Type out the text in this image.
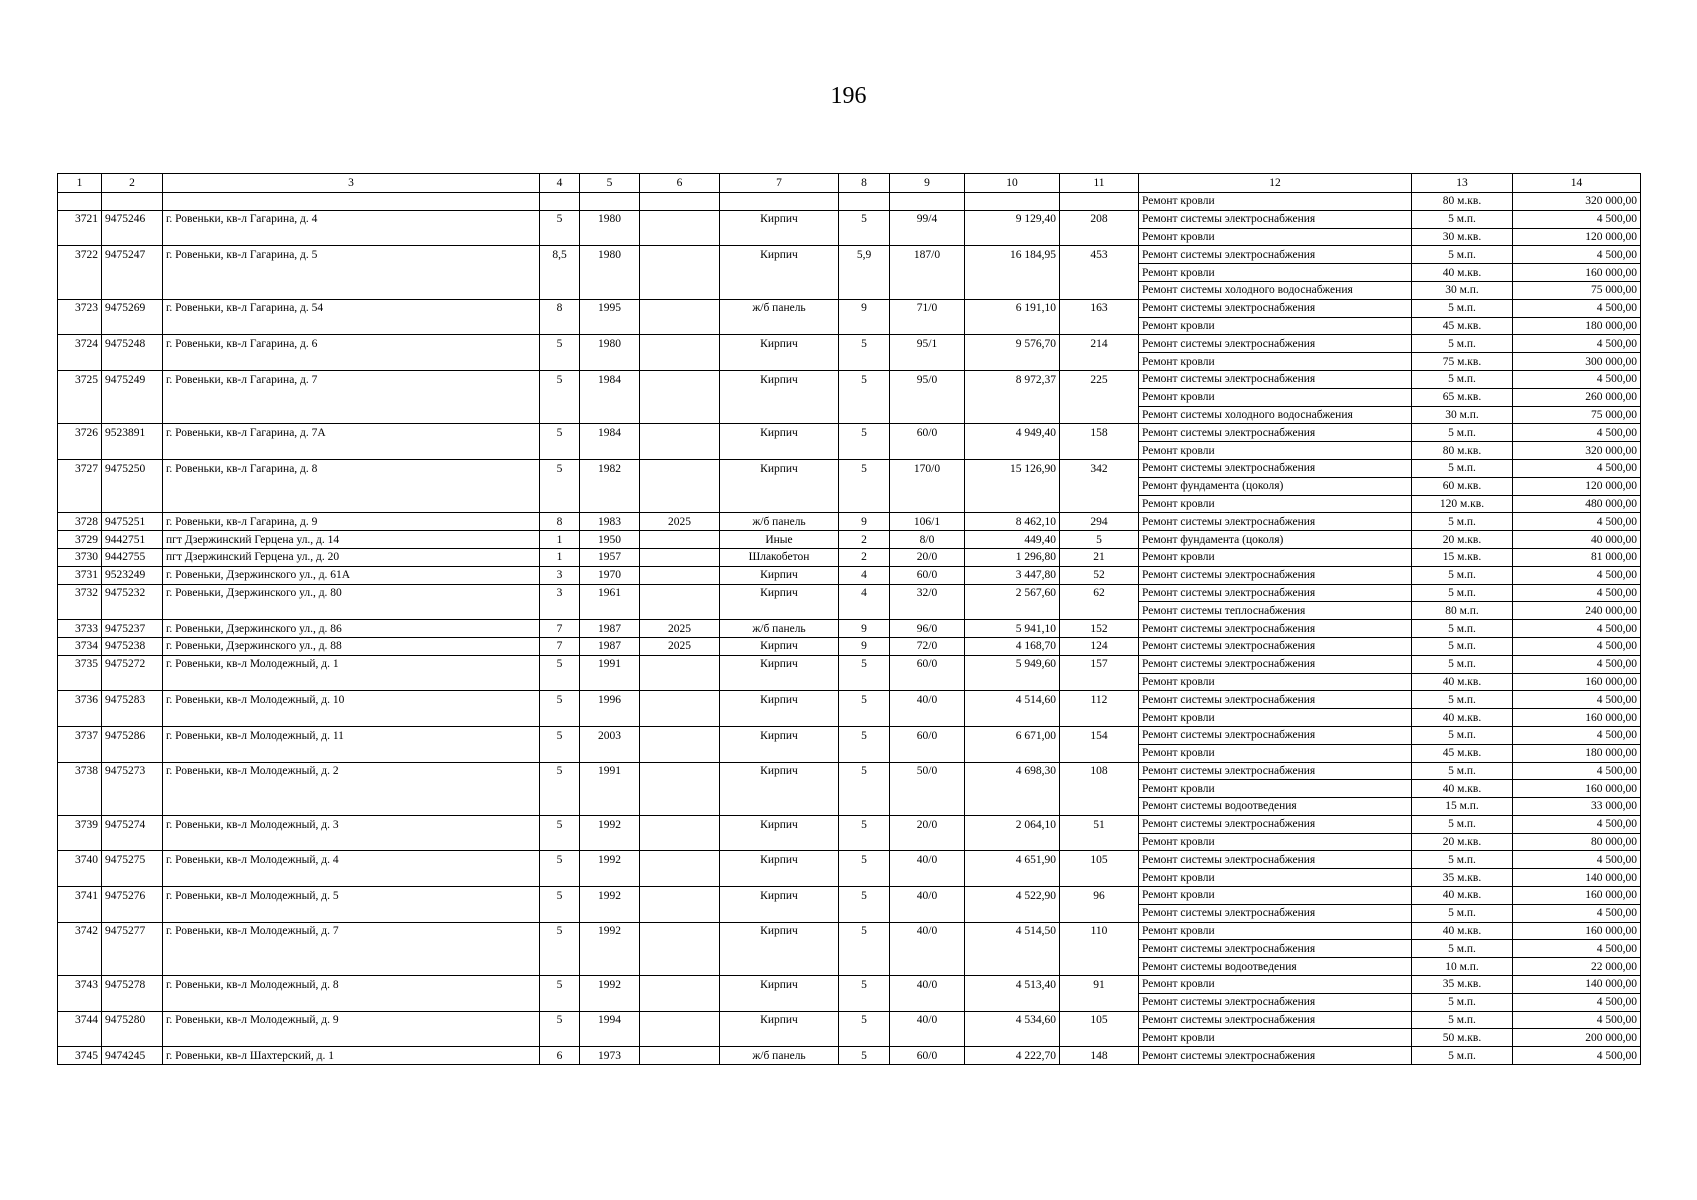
196
1	2	3	4	5	6	7	8	9	10	11	12	13	14
											Ремонт кровли	80 м.кв.	320 000,00
3721	9475246	г. Ровеньки, кв-л Гагарина, д. 4	5	1980		Кирпич	5	99/4	9 129,40	208	Ремонт системы электроснабжения	5 м.п.	4 500,00
											Ремонт кровли	30 м.кв.	120 000,00
3722	9475247	г. Ровеньки, кв-л Гагарина, д. 5	8,5	1980		Кирпич	5,9	187/0	16 184,95	453	Ремонт системы электроснабжения	5 м.п.	4 500,00
											Ремонт кровли	40 м.кв.	160 000,00
											Ремонт системы холодного водоснабжения	30 м.п.	75 000,00
3723	9475269	г. Ровеньки, кв-л Гагарина, д. 54	8	1995		ж/б панель	9	71/0	6 191,10	163	Ремонт системы электроснабжения	5 м.п.	4 500,00
											Ремонт кровли	45 м.кв.	180 000,00
3724	9475248	г. Ровеньки, кв-л Гагарина, д. 6	5	1980		Кирпич	5	95/1	9 576,70	214	Ремонт системы электроснабжения	5 м.п.	4 500,00
											Ремонт кровли	75 м.кв.	300 000,00
3725	9475249	г. Ровеньки, кв-л Гагарина, д. 7	5	1984		Кирпич	5	95/0	8 972,37	225	Ремонт системы электроснабжения	5 м.п.	4 500,00
											Ремонт кровли	65 м.кв.	260 000,00
											Ремонт системы холодного водоснабжения	30 м.п.	75 000,00
3726	9523891	г. Ровеньки, кв-л Гагарина, д. 7А	5	1984		Кирпич	5	60/0	4 949,40	158	Ремонт системы электроснабжения	5 м.п.	4 500,00
											Ремонт кровли	80 м.кв.	320 000,00
3727	9475250	г. Ровеньки, кв-л Гагарина, д. 8	5	1982		Кирпич	5	170/0	15 126,90	342	Ремонт системы электроснабжения	5 м.п.	4 500,00
											Ремонт фундамента (цоколя)	60 м.кв.	120 000,00
											Ремонт кровли	120 м.кв.	480 000,00
3728	9475251	г. Ровеньки, кв-л Гагарина, д. 9	8	1983	2025	ж/б панель	9	106/1	8 462,10	294	Ремонт системы электроснабжения	5 м.п.	4 500,00
3729	9442751	пгт Дзержинский Герцена ул., д. 14	1	1950		Иные	2	8/0	449,40	5	Ремонт фундамента (цоколя)	20 м.кв.	40 000,00
3730	9442755	пгт Дзержинский Герцена ул., д. 20	1	1957		Шлакобетон	2	20/0	1 296,80	21	Ремонт кровли	15 м.кв.	81 000,00
3731	9523249	г. Ровеньки, Дзержинского ул., д. 61А	3	1970		Кирпич	4	60/0	3 447,80	52	Ремонт системы электроснабжения	5 м.п.	4 500,00
3732	9475232	г. Ровеньки, Дзержинского ул., д. 80	3	1961		Кирпич	4	32/0	2 567,60	62	Ремонт системы электроснабжения	5 м.п.	4 500,00
											Ремонт системы теплоснабжения	80 м.п.	240 000,00
3733	9475237	г. Ровеньки, Дзержинского ул., д. 86	7	1987	2025	ж/б панель	9	96/0	5 941,10	152	Ремонт системы электроснабжения	5 м.п.	4 500,00
3734	9475238	г. Ровеньки, Дзержинского ул., д. 88	7	1987	2025	Кирпич	9	72/0	4 168,70	124	Ремонт системы электроснабжения	5 м.п.	4 500,00
3735	9475272	г. Ровеньки, кв-л Молодежный, д. 1	5	1991		Кирпич	5	60/0	5 949,60	157	Ремонт системы электроснабжения	5 м.п.	4 500,00
											Ремонт кровли	40 м.кв.	160 000,00
3736	9475283	г. Ровеньки, кв-л Молодежный, д. 10	5	1996		Кирпич	5	40/0	4 514,60	112	Ремонт системы электроснабжения	5 м.п.	4 500,00
											Ремонт кровли	40 м.кв.	160 000,00
3737	9475286	г. Ровеньки, кв-л Молодежный, д. 11	5	2003		Кирпич	5	60/0	6 671,00	154	Ремонт системы электроснабжения	5 м.п.	4 500,00
											Ремонт кровли	45 м.кв.	180 000,00
3738	9475273	г. Ровеньки, кв-л Молодежный, д. 2	5	1991		Кирпич	5	50/0	4 698,30	108	Ремонт системы электроснабжения	5 м.п.	4 500,00
											Ремонт кровли	40 м.кв.	160 000,00
											Ремонт системы водоотведения	15 м.п.	33 000,00
3739	9475274	г. Ровеньки, кв-л Молодежный, д. 3	5	1992		Кирпич	5	20/0	2 064,10	51	Ремонт системы электроснабжения	5 м.п.	4 500,00
											Ремонт кровли	20 м.кв.	80 000,00
3740	9475275	г. Ровеньки, кв-л Молодежный, д. 4	5	1992		Кирпич	5	40/0	4 651,90	105	Ремонт системы электроснабжения	5 м.п.	4 500,00
											Ремонт кровли	35 м.кв.	140 000,00
3741	9475276	г. Ровеньки, кв-л Молодежный, д. 5	5	1992		Кирпич	5	40/0	4 522,90	96	Ремонт кровли	40 м.кв.	160 000,00
											Ремонт системы электроснабжения	5 м.п.	4 500,00
3742	9475277	г. Ровеньки, кв-л Молодежный, д. 7	5	1992		Кирпич	5	40/0	4 514,50	110	Ремонт кровли	40 м.кв.	160 000,00
											Ремонт системы электроснабжения	5 м.п.	4 500,00
											Ремонт системы водоотведения	10 м.п.	22 000,00
3743	9475278	г. Ровеньки, кв-л Молодежный, д. 8	5	1992		Кирпич	5	40/0	4 513,40	91	Ремонт кровли	35 м.кв.	140 000,00
											Ремонт системы электроснабжения	5 м.п.	4 500,00
3744	9475280	г. Ровеньки, кв-л Молодежный, д. 9	5	1994		Кирпич	5	40/0	4 534,60	105	Ремонт системы электроснабжения	5 м.п.	4 500,00
											Ремонт кровли	50 м.кв.	200 000,00
3745	9474245	г. Ровеньки, кв-л Шахтерский, д. 1	6	1973		ж/б панель	5	60/0	4 222,70	148	Ремонт системы электроснабжения	5 м.п.	4 500,00
